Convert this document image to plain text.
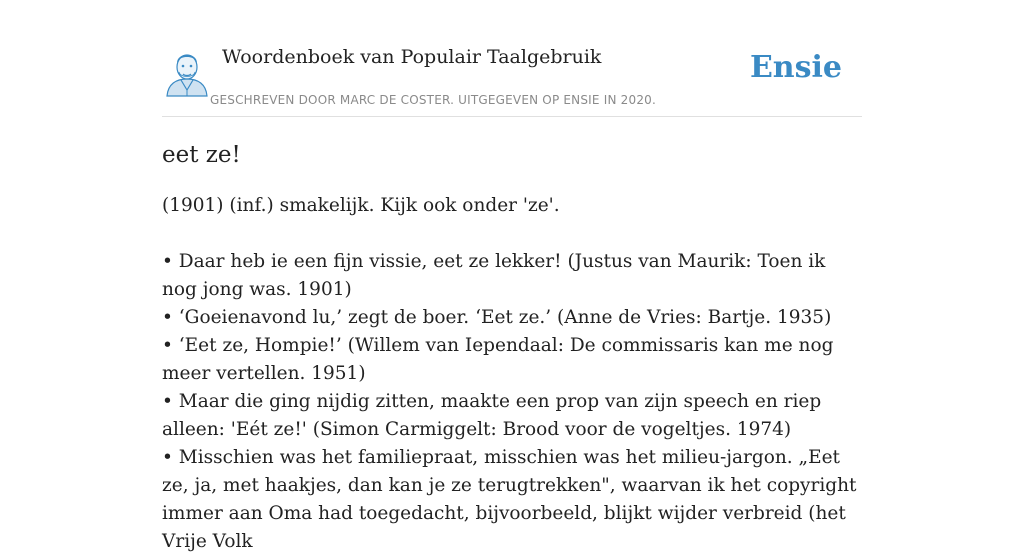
Woordenboek van Populair Taalgebruik
GESCHREVEN DOOR MARC DE COSTER. UITGEGEVEN OP ENSIE IN 2020.
Ensie
eet ze!

(1901) (inf.) smakelijk. Kijk ook onder 'ze'.

• Daar heb ie een fijn vissie, eet ze lekker! (Justus van Maurik: Toen ik nog jong was. 1901)

• ‘Goeienavond lu,’ zegt de boer. ‘Eet ze.’ (Anne de Vries: Bartje. 1935)

• ‘Eet ze, Hompie!’ (Willem van Iependaal: De commissaris kan me nog meer vertellen. 1951)

• Maar die ging nijdig zitten, maakte een prop van zijn speech en riep alleen: 'Eét ze!' (Simon Carmiggelt: Brood voor de vogeltjes. 1974)

• Misschien was het familiepraat, misschien was het milieu-jargon. „Eet ze, ja, met haakjes, dan kan je ze terugtrekken", waarvan ik het copyright immer aan Oma had toegedacht, bijvoorbeeld, blijkt wijder verbreid (het Vrije Volk
